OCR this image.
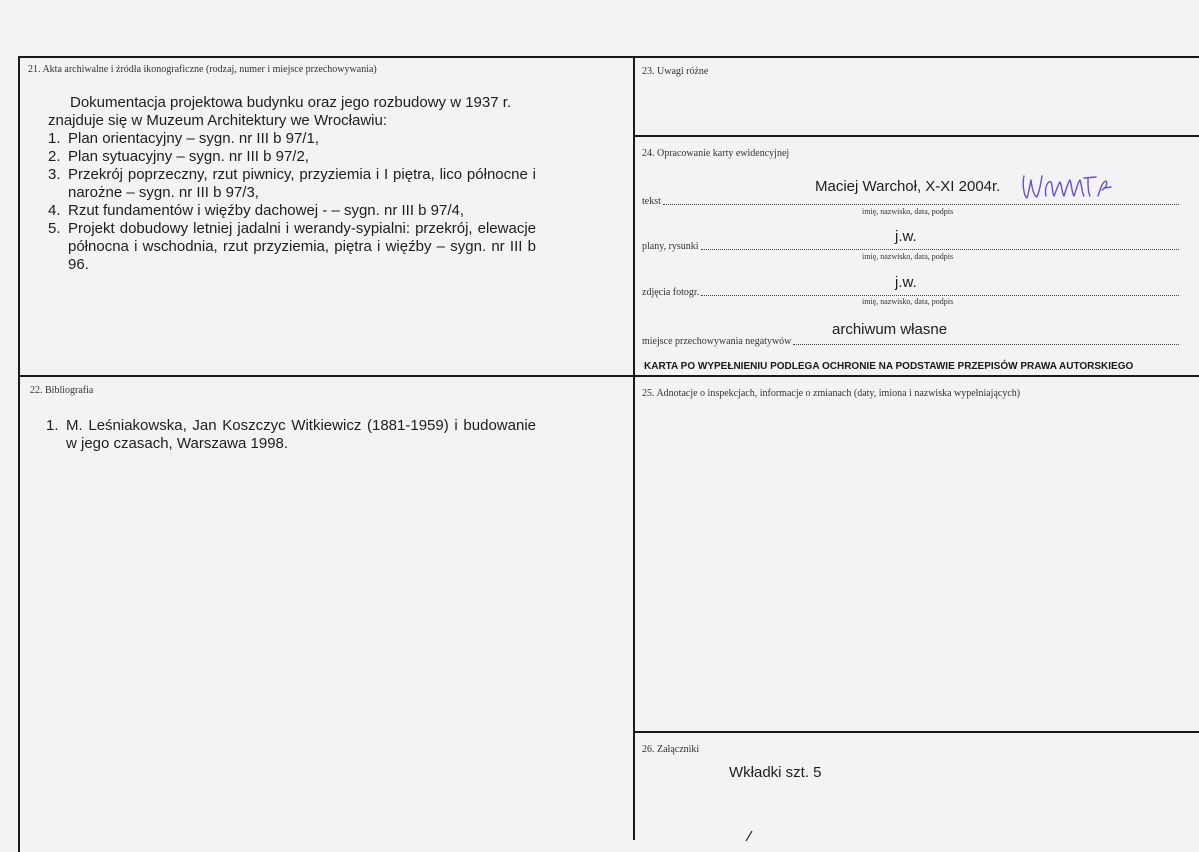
21. Akta archiwalne i źródła ikonograficzne (rodzaj, numer i miejsce przechowywania)

Dokumentacja projektowa budynku oraz jego rozbudowy w 1937 r.

znajduje się w Muzeum Architektury we Wrocławiu:

1. Plan orientacyjny – sygn. nr III b 97/1,
2. Plan sytuacyjny – sygn. nr III b 97/2,
3. Przekrój poprzeczny, rzut piwnicy, przyziemia i I piętra, lico północne i narożne – sygn. nr III b 97/3,
4. Rzut fundamentów i więźby dachowej - – sygn. nr III b 97/4,
5. Projekt dobudowy letniej jadalni i werandy-sypialni: przekrój, elewacje północna i wschodnia, rzut przyziemia, piętra i więźby – sygn. nr III b 96.
22. Bibliografia
1. M. Leśniakowska, Jan Koszczyc Witkiewicz (1881-1959) i budowanie w jego czasach, Warszawa 1998.
23. Uwagi różne
24. Opracowanie karty ewidencyjnej
Maciej Warchoł, X-XI 2004r.
tekst
imię, nazwisko, data, podpis
j.w.
plany, rysunki
imię, nazwisko, data, podpis
j.w.
zdjęcia fotogr.
imię, nazwisko, data, podpis
archiwum własne
miejsce przechowywania negatywów
KARTA PO WYPEŁNIENIU PODLEGA OCHRONIE NA PODSTAWIE PRZEPISÓW PRAWA AUTORSKIEGO
25. Adnotacje o inspekcjach, informacje o zmianach (daty, imiona i nazwiska wypełniających)
26. Załączniki
Wkładki szt. 5
